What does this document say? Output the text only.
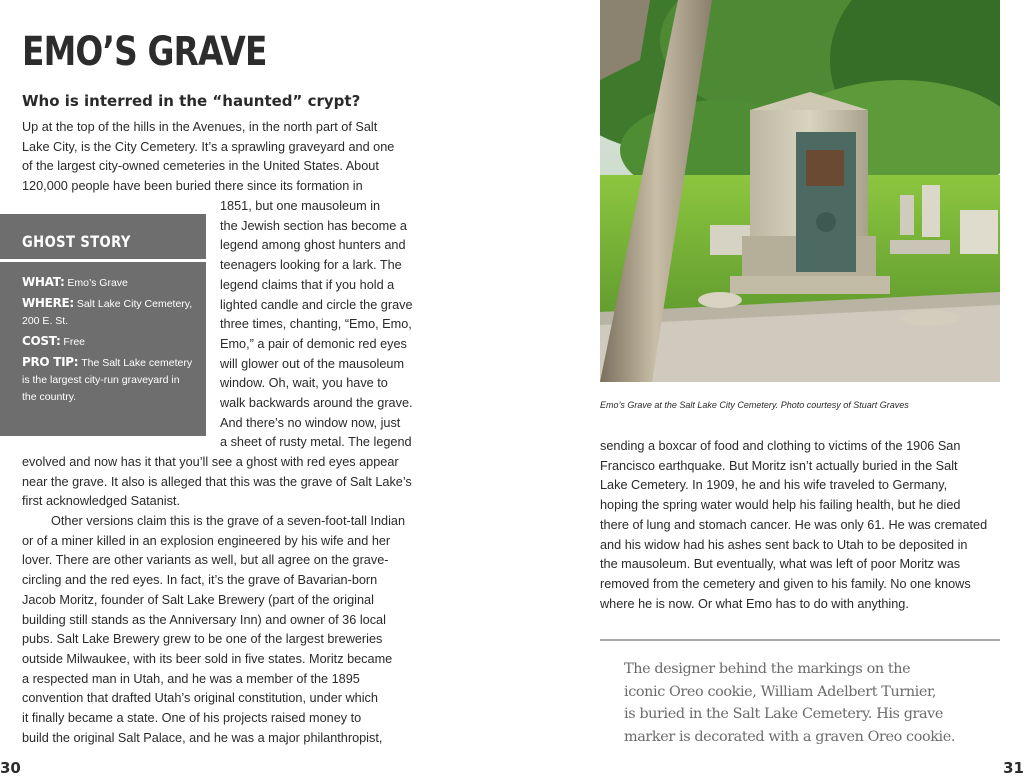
EMO’S GRAVE
Who is interred in the “haunted” crypt?
Up at the top of the hills in the Avenues, in the north part of Salt
Lake City, is the City Cemetery. It’s a sprawling graveyard and one
of the largest city-owned cemeteries in the United States. About
120,000 people have been buried there since its formation in
1851, but one mausoleum in
the Jewish section has become a
legend among ghost hunters and
teenagers looking for a lark. The
legend claims that if you hold a
lighted candle and circle the grave
three times, chanting, “Emo, Emo,
Emo,” a pair of demonic red eyes
will glower out of the mausoleum
window. Oh, wait, you have to
walk backwards around the grave.
And there’s no window now, just
a sheet of rusty metal. The legend
evolved and now has it that you’ll see a ghost with red eyes appear
near the grave. It also is alleged that this was the grave of Salt Lake’s
first acknowledged Satanist.
Other versions claim this is the grave of a seven-foot-tall Indian
or of a miner killed in an explosion engineered by his wife and her
lover. There are other variants as well, but all agree on the grave-
circling and the red eyes. In fact, it’s the grave of Bavarian-born
Jacob Moritz, founder of Salt Lake Brewery (part of the original
building still stands as the Anniversary Inn) and owner of 36 local
pubs. Salt Lake Brewery grew to be one of the largest breweries
outside Milwaukee, with its beer sold in five states. Moritz became
a respected man in Utah, and he was a member of the 1895
convention that drafted Utah’s original constitution, under which
it finally became a state. One of his projects raised money to
build the original Salt Palace, and he was a major philanthropist,
GHOST STORY
WHAT: Emo’s Grave
WHERE: Salt Lake City Cemetery, 200 E. St.
COST: Free
PRO TIP: The Salt Lake cemetery is the largest city-run graveyard in the country.

30

Emo’s Grave at the Salt Lake City Cemetery. Photo courtesy of Stuart Graves

sending a boxcar of food and clothing to victims of the 1906 San
Francisco earthquake. But Moritz isn’t actually buried in the Salt
Lake Cemetery. In 1909, he and his wife traveled to Germany,
hoping the spring water would help his failing health, but he died
there of lung and stomach cancer. He was only 61. He was cremated
and his widow had his ashes sent back to Utah to be deposited in
the mausoleum. But eventually, what was left of poor Moritz was
removed from the cemetery and given to his family. No one knows
where he is now. Or what Emo has to do with anything.
The designer behind the markings on the
iconic Oreo cookie, William Adelbert Turnier,
is buried in the Salt Lake Cemetery. His grave
marker is decorated with a graven Oreo cookie.

31
